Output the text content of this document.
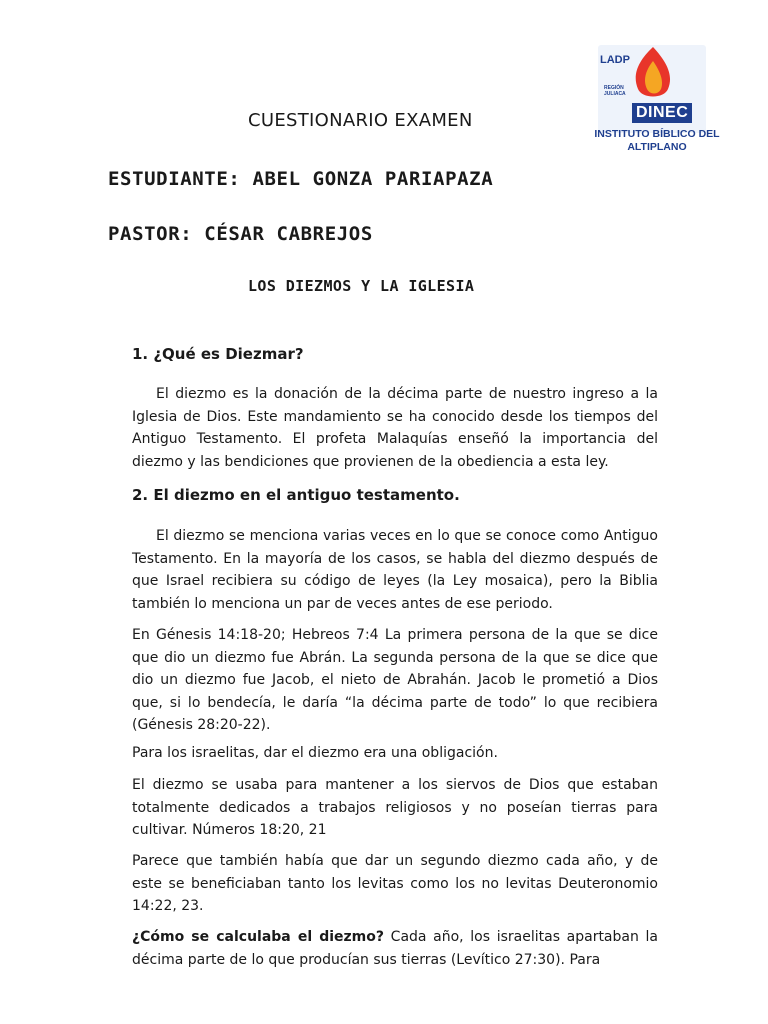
LADP
REGIÓN JULIACA
DINEC
INSTITUTO BÍBLICO DEL ALTIPLANO
CUESTIONARIO EXAMEN
ESTUDIANTE: ABEL GONZA PARIAPAZA
PASTOR: CÉSAR CABREJOS
LOS DIEZMOS Y LA IGLESIA
1. ¿Qué es Diezmar?
El diezmo es la donación de la décima parte de nuestro ingreso a la Iglesia de Dios. Este mandamiento se ha conocido desde los tiempos del Antiguo Testamento. El profeta Malaquías enseñó la importancia del diezmo y las bendiciones que provienen de la obediencia a esta ley.
2. El diezmo en el antiguo testamento.
El diezmo se menciona varias veces en lo que se conoce como Antiguo Testamento. En la mayoría de los casos, se habla del diezmo después de que Israel recibiera su código de leyes (la Ley mosaica), pero la Biblia también lo menciona un par de veces antes de ese periodo.
En Génesis 14:18-20; Hebreos 7:4 La primera persona de la que se dice que dio un diezmo fue Abrán. La segunda persona de la que se dice que dio un diezmo fue Jacob, el nieto de Abrahán. Jacob le prometió a Dios que, si lo bendecía, le daría “la décima parte de todo” lo que recibiera (Génesis 28:20-22).
Para los israelitas, dar el diezmo era una obligación.
El diezmo se usaba para mantener a los siervos de Dios que estaban totalmente dedicados a trabajos religiosos y no poseían tierras para cultivar. Números 18:20, 21
Parece que también había que dar un segundo diezmo cada año, y de este se beneficiaban tanto los levitas como los no levitas Deuteronomio 14:22, 23.
¿Cómo se calculaba el diezmo? Cada año, los israelitas apartaban la décima parte de lo que producían sus tierras (Levítico 27:30). Para
